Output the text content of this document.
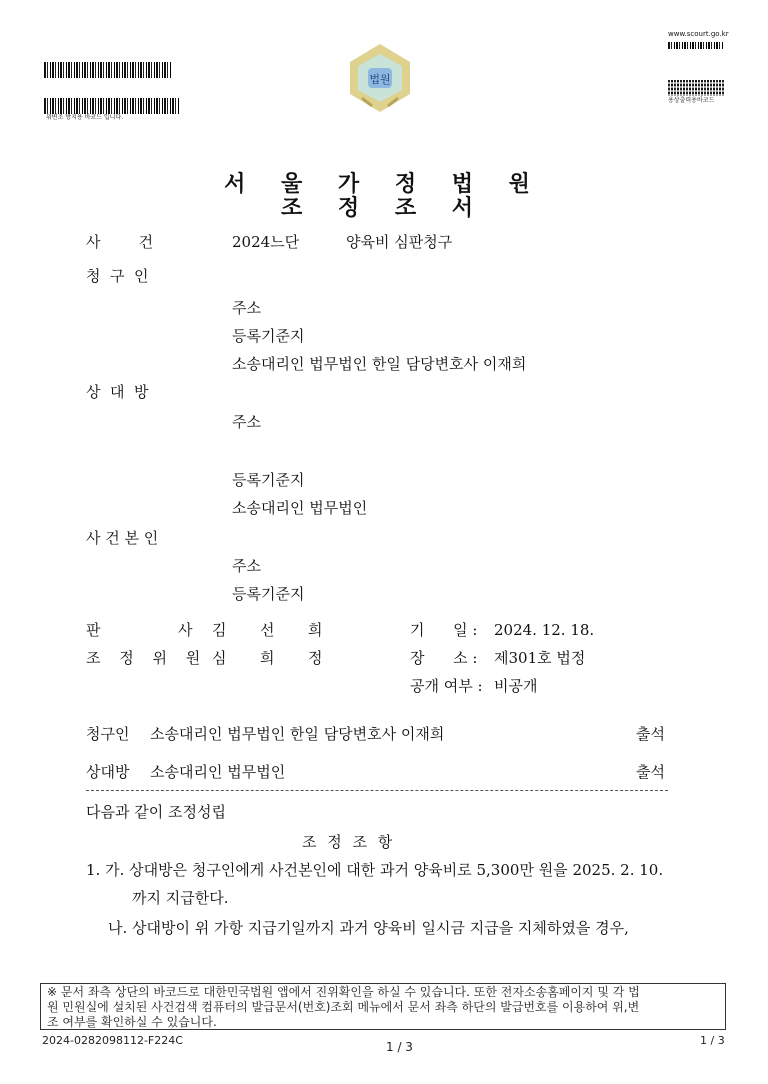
위변조 방지용 바코드 입니다.
법원
www.scourt.go.kr
용상출력용바코드
서 울 가 정 법 원
조 정 조 서
사        건	2024느단	양육비 심판청구
청  구  인
주소
등록기준지
소송대리인 법무법인 한일 담당변호사 이재희
상  대  방
주소
등록기준지
소송대리인 법무법인
사 건 본 인
주소
등록기준지
판	사 김  선  희
조 정 위 원 심  희  정
기      일 : 2024. 12. 18.
장      소 : 제301호 법정
공개 여부 : 비공개
청구인 소송대리인 법무법인 한일 담당변호사 이재희	출석
상대방 소송대리인 법무법인	출석
다음과 같이 조정성립
조 정 조 항
1. 가. 상대방은 청구인에게 사건본인에 대한 과거 양육비로 5,300만 원을 2025. 2. 10.
까지 지급한다.
나. 상대방이 위 가항 지급기일까지 과거 양육비 일시금 지급을 지체하였을 경우,
※ 문서 좌측 상단의 바코드로 대한민국법원 앱에서 진위확인을 하실 수 있습니다. 또한 전자소송홈페이지 및 각 법
원 민원실에 설치된 사건검색 컴퓨터의 발급문서(번호)조회 메뉴에서 문서 좌측 하단의 발급번호를 이용하여 위,변
조 여부를 확인하실 수 있습니다.
2024-0282098112-F224C	1 / 3	1 / 3
